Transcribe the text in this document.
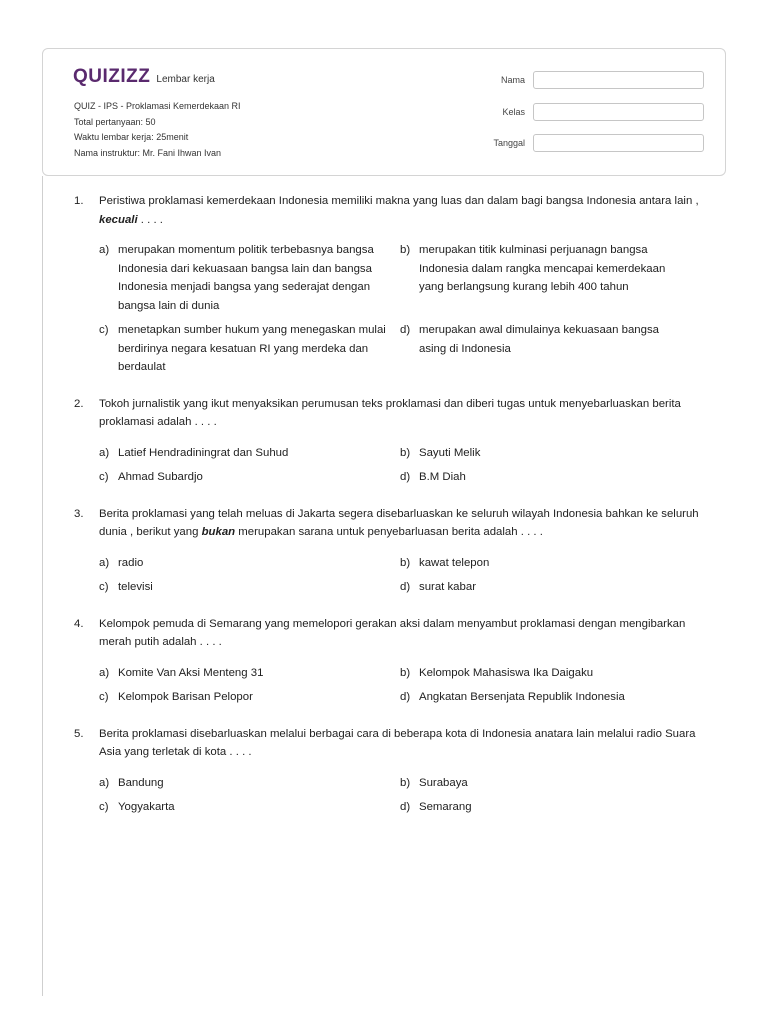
QUIZIZZ Lembar kerja
QUIZ - IPS - Proklamasi Kemerdekaan RI
Total pertanyaan: 50
Waktu lembar kerja: 25menit
Nama instruktur: Mr. Fani Ihwan Ivan
Nama
Kelas
Tanggal
1.	Peristiwa proklamasi kemerdekaan Indonesia memiliki makna yang luas dan dalam bagi bangsa Indonesia antara lain , kecuali . . . .
a) merupakan momentum politik terbebasnya bangsa Indonesia dari kekuasaan bangsa lain dan bangsa Indonesia menjadi bangsa yang sederajat dengan bangsa lain di dunia
b) merupakan titik kulminasi perjuanagn bangsa Indonesia dalam rangka mencapai kemerdekaan yang berlangsung kurang lebih 400 tahun
c) menetapkan sumber hukum yang menegaskan mulai berdirinya negara kesatuan RI yang merdeka dan berdaulat
d) merupakan awal dimulainya kekuasaan bangsa asing di Indonesia
2.	Tokoh jurnalistik yang ikut menyaksikan perumusan teks proklamasi dan diberi tugas untuk menyebarluaskan berita proklamasi adalah . . . .
a) Latief Hendradiningrat dan Suhud	b) Sayuti Melik
c) Ahmad Subardjo	d) B.M Diah
3.	Berita proklamasi yang telah meluas di Jakarta segera disebarluaskan ke seluruh wilayah Indonesia bahkan ke seluruh dunia , berikut yang bukan merupakan sarana untuk penyebarluasan berita adalah . . . .
a) radio	b) kawat telepon
c) televisi	d) surat kabar
4.	Kelompok pemuda di Semarang yang memelopori gerakan aksi dalam menyambut proklamasi dengan mengibarkan merah putih adalah . . . .
a) Komite Van Aksi Menteng 31	b) Kelompok Mahasiswa Ika Daigaku
c) Kelompok Barisan Pelopor	d) Angkatan Bersenjata Republik Indonesia
5.	Berita proklamasi disebarluaskan melalui berbagai cara di beberapa kota di Indonesia anatara lain melalui radio Suara Asia yang terletak di kota . . . .
a) Bandung	b) Surabaya
c) Yogyakarta	d) Semarang
